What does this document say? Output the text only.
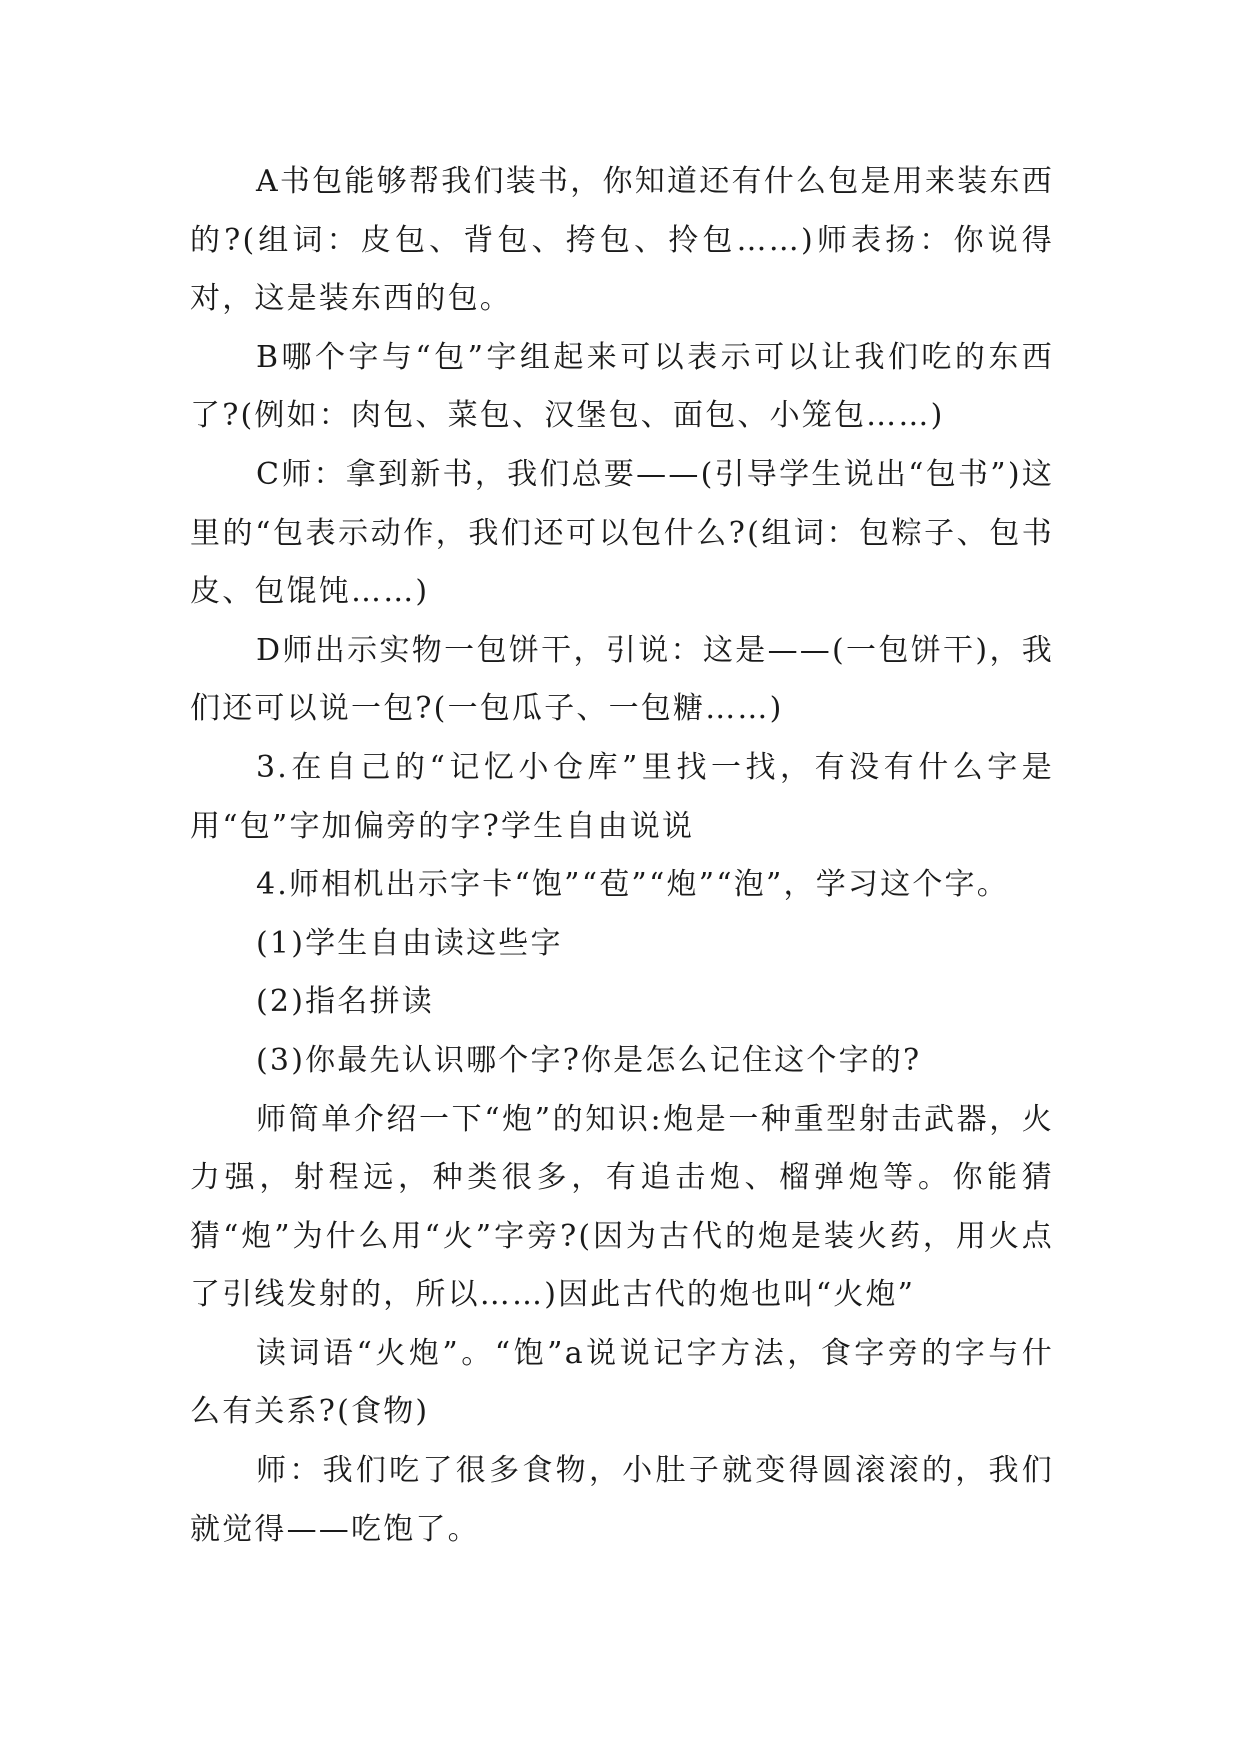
A书包能够帮我们装书，你知道还有什么包是用来装东西的?(组词：皮包、背包、挎包、拎包……)师表扬：你说得对，这是装东西的包。

B哪个字与“包”字组起来可以表示可以让我们吃的东西了?(例如：肉包、菜包、汉堡包、面包、小笼包……)

C师：拿到新书，我们总要——(引导学生说出“包书”)这里的“包表示动作，我们还可以包什么?(组词：包粽子、包书皮、包馄饨……)

D师出示实物一包饼干，引说：这是——(一包饼干)，我们还可以说一包?(一包瓜子、一包糖……)

3.在自己的“记忆小仓库”里找一找，有没有什么字是用“包”字加偏旁的字?学生自由说说

4.师相机出示字卡“饱”“苞”“炮”“泡”，学习这个字。

(1)学生自由读这些字

(2)指名拼读

(3)你最先认识哪个字?你是怎么记住这个字的?

师简单介绍一下“炮”的知识:炮是一种重型射击武器，火力强，射程远，种类很多，有追击炮、榴弹炮等。你能猜猜“炮”为什么用“火”字旁?(因为古代的炮是装火药，用火点了引线发射的，所以……)因此古代的炮也叫“火炮”

读词语“火炮”。“饱”a说说记字方法，食字旁的字与什么有关系?(食物)

师：我们吃了很多食物，小肚子就变得圆滚滚的，我们就觉得——吃饱了。
